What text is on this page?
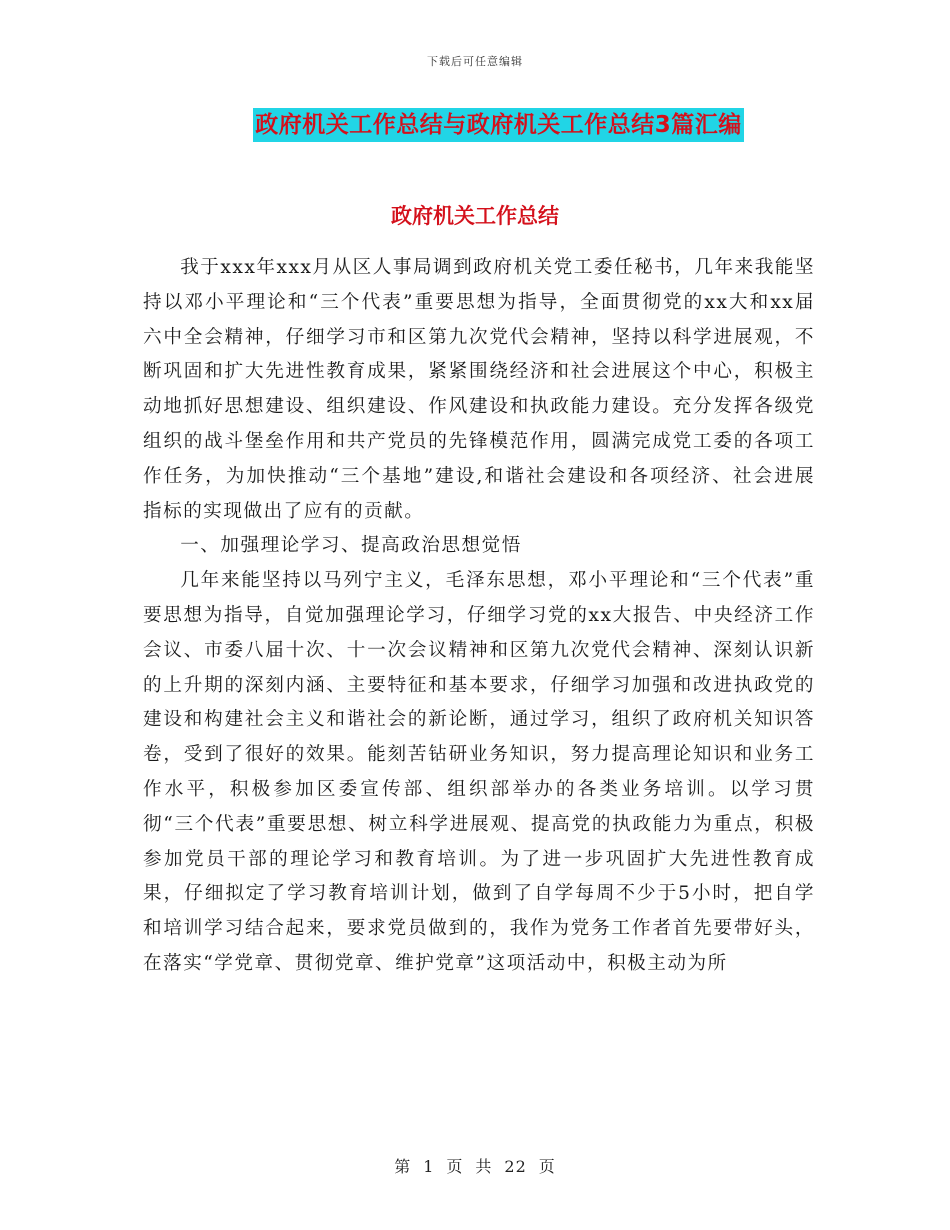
下载后可任意编辑
政府机关工作总结与政府机关工作总结3篇汇编
政府机关工作总结

我于xxx年xxx月从区人事局调到政府机关党工委任秘书，几年来我能坚持以邓小平理论和“三个代表”重要思想为指导，全面贯彻党的xx大和xx届六中全会精神，仔细学习市和区第九次党代会精神，坚持以科学进展观，不断巩固和扩大先进性教育成果，紧紧围绕经济和社会进展这个中心，积极主动地抓好思想建设、组织建设、作风建设和执政能力建设。充分发挥各级党组织的战斗堡垒作用和共产党员的先锋模范作用，圆满完成党工委的各项工作任务，为加快推动“三个基地”建设,和谐社会建设和各项经济、社会进展指标的实现做出了应有的贡献。

一、加强理论学习、提高政治思想觉悟

几年来能坚持以马列宁主义，毛泽东思想，邓小平理论和“三个代表”重要思想为指导，自觉加强理论学习，仔细学习党的xx大报告、中央经济工作会议、市委八届十次、十一次会议精神和区第九次党代会精神、深刻认识新的上升期的深刻内涵、主要特征和基本要求，仔细学习加强和改进执政党的建设和构建社会主义和谐社会的新论断，通过学习，组织了政府机关知识答卷，受到了很好的效果。能刻苦钻研业务知识，努力提高理论知识和业务工作水平，积极参加区委宣传部、组织部举办的各类业务培训。以学习贯彻“三个代表”重要思想、树立科学进展观、提高党的执政能力为重点，积极参加党员干部的理论学习和教育培训。为了进一步巩固扩大先进性教育成果，仔细拟定了学习教育培训计划，做到了自学每周不少于5小时，把自学和培训学习结合起来，要求党员做到的，我作为党务工作者首先要带好头，在落实“学党章、贯彻党章、维护党章”这项活动中，积极主动为所

第 1 页 共 22 页
